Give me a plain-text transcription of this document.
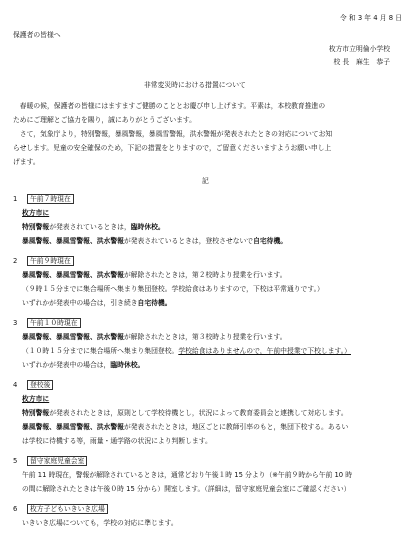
令 和 3 年 4 月 8 日
保護者の皆様へ
枚方市立明倫小学校
校 長　麻生　恭子
非常変災時における措置について
　春暖の候，保護者の皆様にはますますご健勝のこととお慶び申し上げます。平素は，本校教育推進の
ためにご理解とご協力を賜り，誠にありがとうございます。
　さて，気象庁より，特別警報，暴風警報，暴風雪警報，洪水警報が発表されたときの対応についてお知
らせします。児童の安全確保のため，下記の措置をとりますので，ご留意くださいますようお願い申し上
げます。
記
1 午前７時現在
枚方市に
特別警報が発表されているときは，臨時休校。
暴風警報、暴風雪警報、洪水警報が発表されているときは，登校させないで自宅待機。
2 午前９時現在
暴風警報、暴風雪警報、洪水警報が解除されたときは，第２校時より授業を行います。
（９時１５分までに集合場所へ集まり集団登校。学校給食はありますので，下校は平常通りです。）
いずれかが発表中の場合は，引き続き自宅待機。
3 午前１０時現在
暴風警報、暴風雪警報、洪水警報が解除されたときは，第３校時より授業を行います。
（１０時１５分までに集合場所へ集まり集団登校。学校給食はありませんので，午前中授業で下校します。）
いずれかが発表中の場合は，臨時休校。
4 登校後
枚方市に
特別警報が発表されたときは，原則として学校待機とし，状況によって教育委員会と連携して対応します。
暴風警報、暴風雪警報、洪水警報が発表されたときは，地区ごとに教師引率のもと，集団下校する。あるい
は学校に待機する等，雨量・通学路の状況により判断します。
5 留守家庭児童会室
午前 11 時現在，警報が解除されているときは，通常どおり午後１時 15 分より（※午前９時から午前 10 時
の間に解除されたときは午後０時 15 分から）開室します。（詳細は，留守家庭児童会室にご確認ください）
6 枚方子どもいきいき広場
いきいき広場についても，学校の対応に準じます。
